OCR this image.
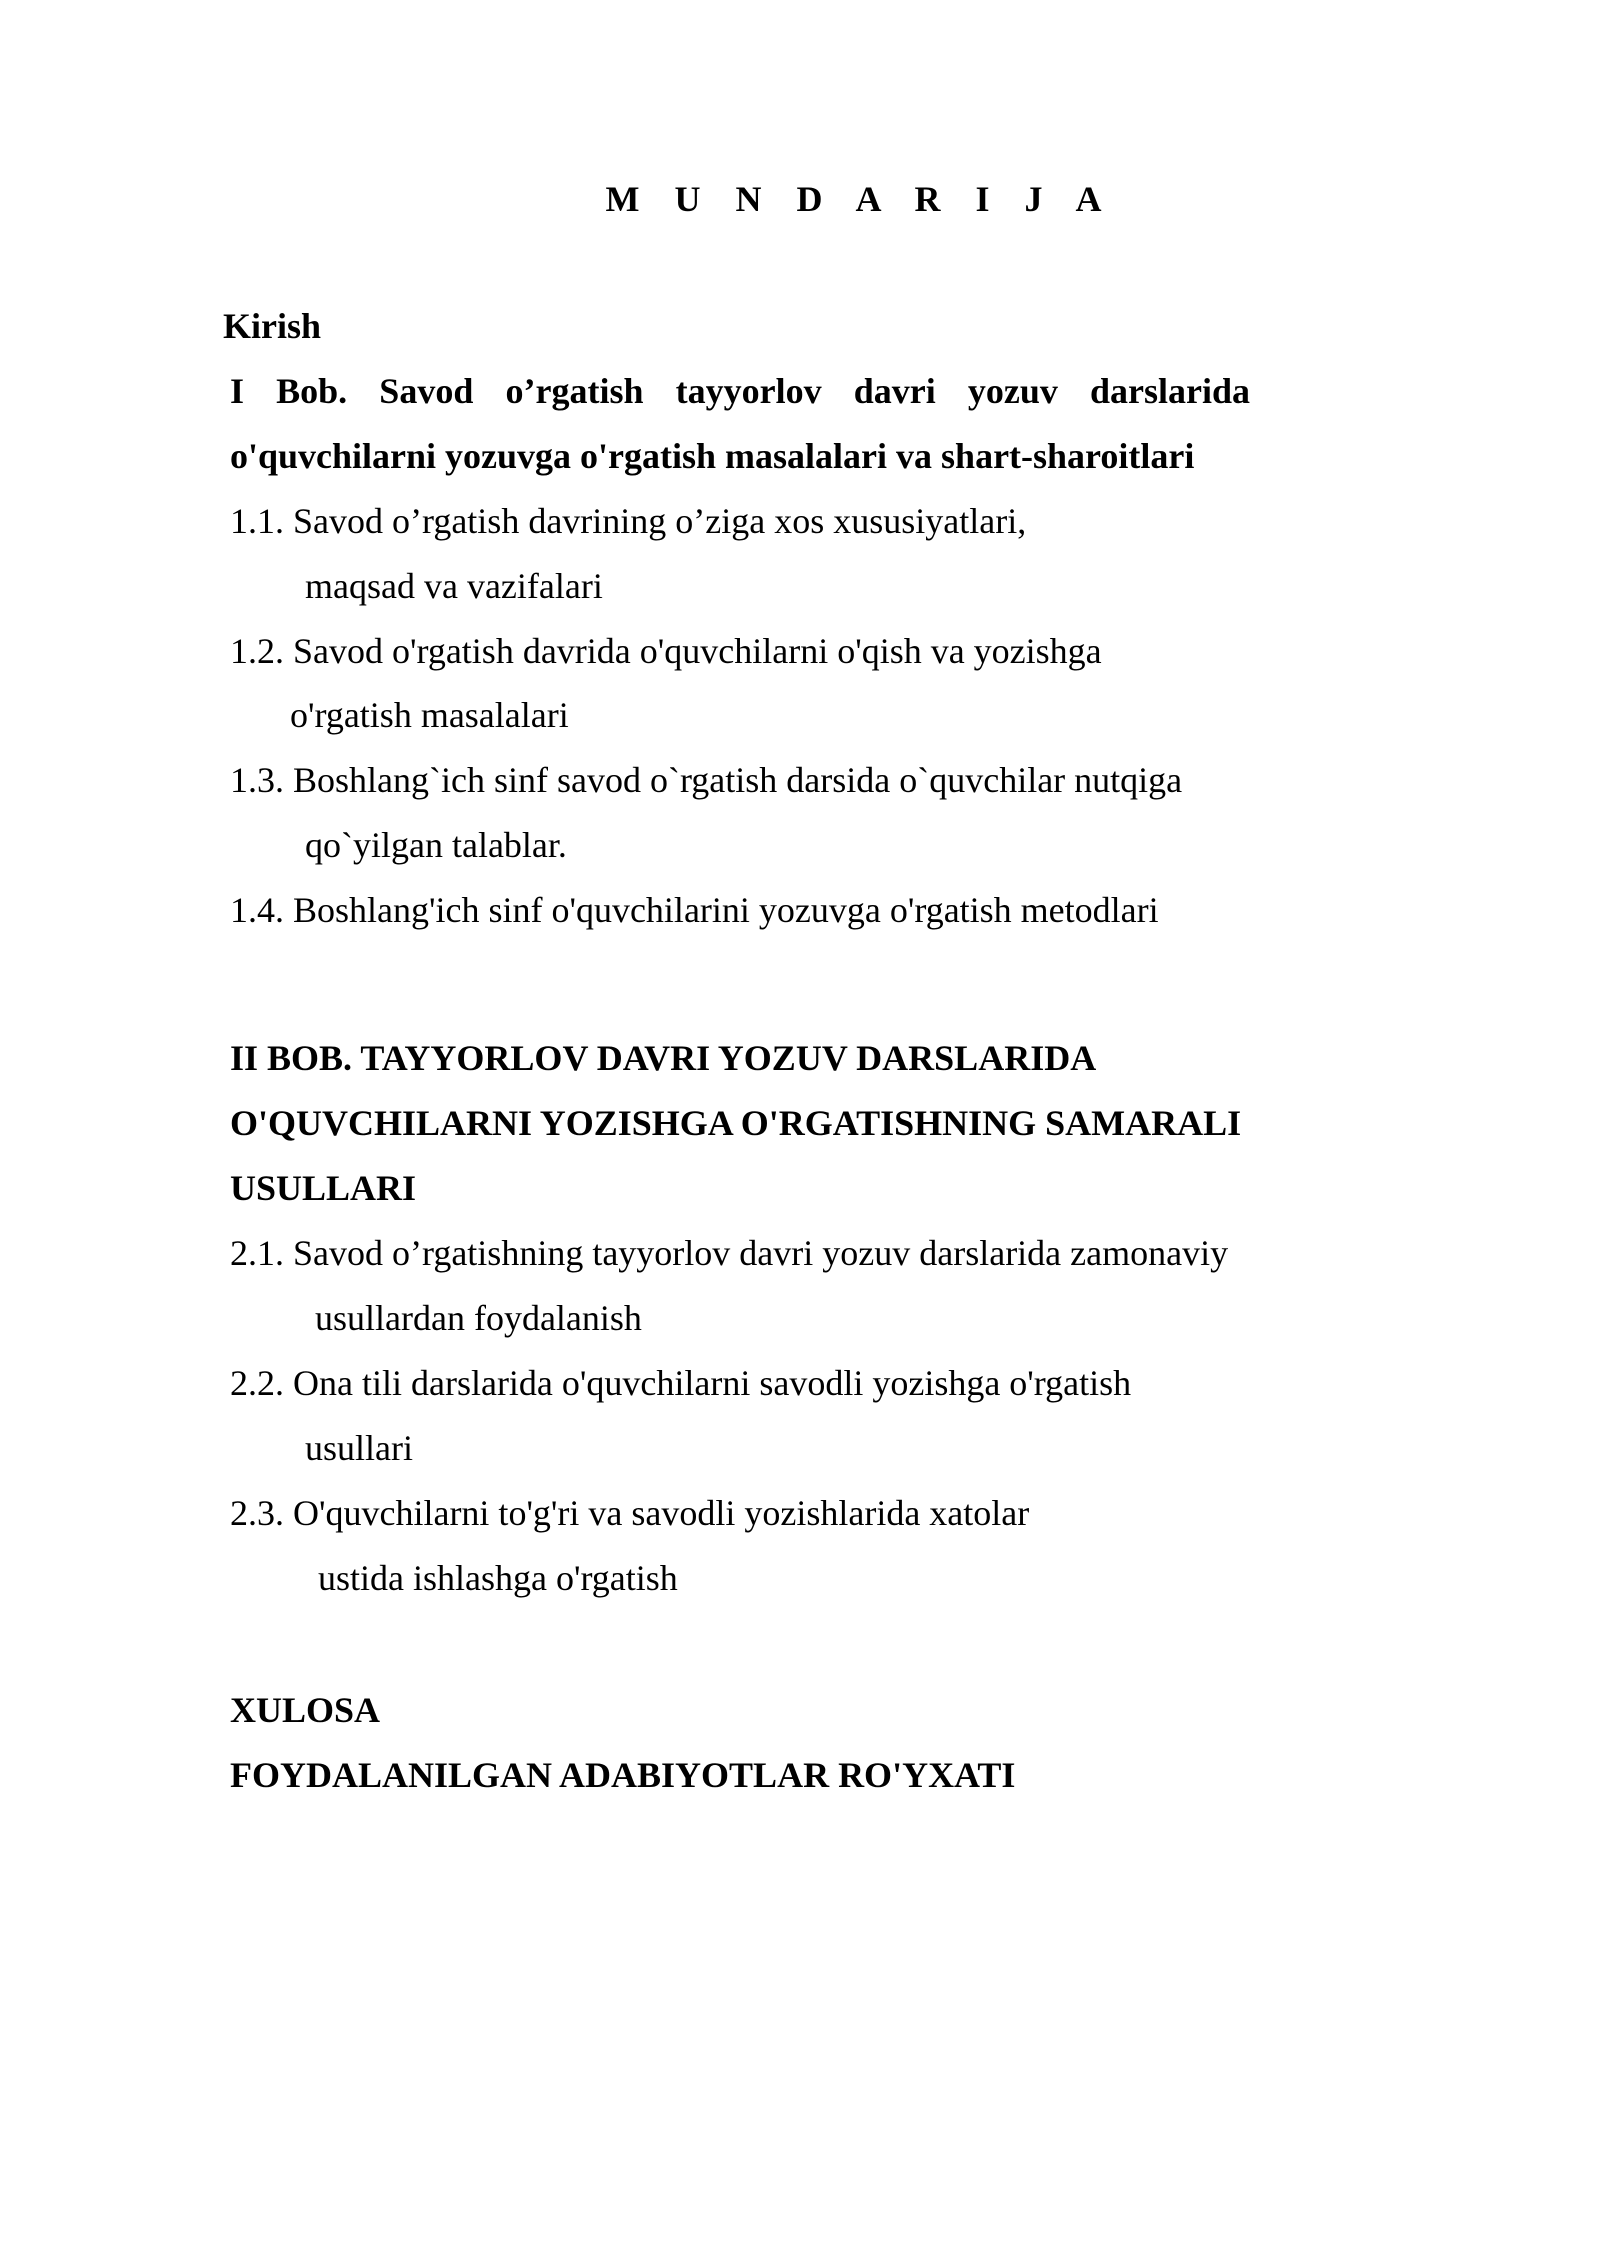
M U N D A R I J A
Kirish
I Bob. Savod o’rgatish tayyorlov davri yozuv darslarida
o'quvchilarni yozuvga o'rgatish masalalari va shart-sharoitlari
1.1. Savod o’rgatish davrining o’ziga xos xususiyatlari,
maqsad va vazifalari
1.2. Savod o'rgatish davrida o'quvchilarni o'qish va yozishga
o'rgatish masalalari
1.3. Boshlang`ich sinf savod o`rgatish darsida o`quvchilar nutqiga
qo`yilgan talablar.
1.4. Boshlang'ich sinf o'quvchilarini yozuvga o'rgatish metodlari
II BOB. TAYYORLOV DAVRI YOZUV DARSLARIDA
O'QUVCHILARNI YOZISHGA O'RGATISHNING SAMARALI
USULLARI
2.1. Savod o’rgatishning tayyorlov davri yozuv darslarida zamonaviy
usullardan foydalanish
2.2. Ona tili darslarida o'quvchilarni savodli yozishga o'rgatish
usullari
2.3. O'quvchilarni to'g'ri va savodli yozishlarida xatolar
ustida ishlashga o'rgatish
XULOSA
FOYDALANILGAN ADABIYOTLAR RO'YXATI
